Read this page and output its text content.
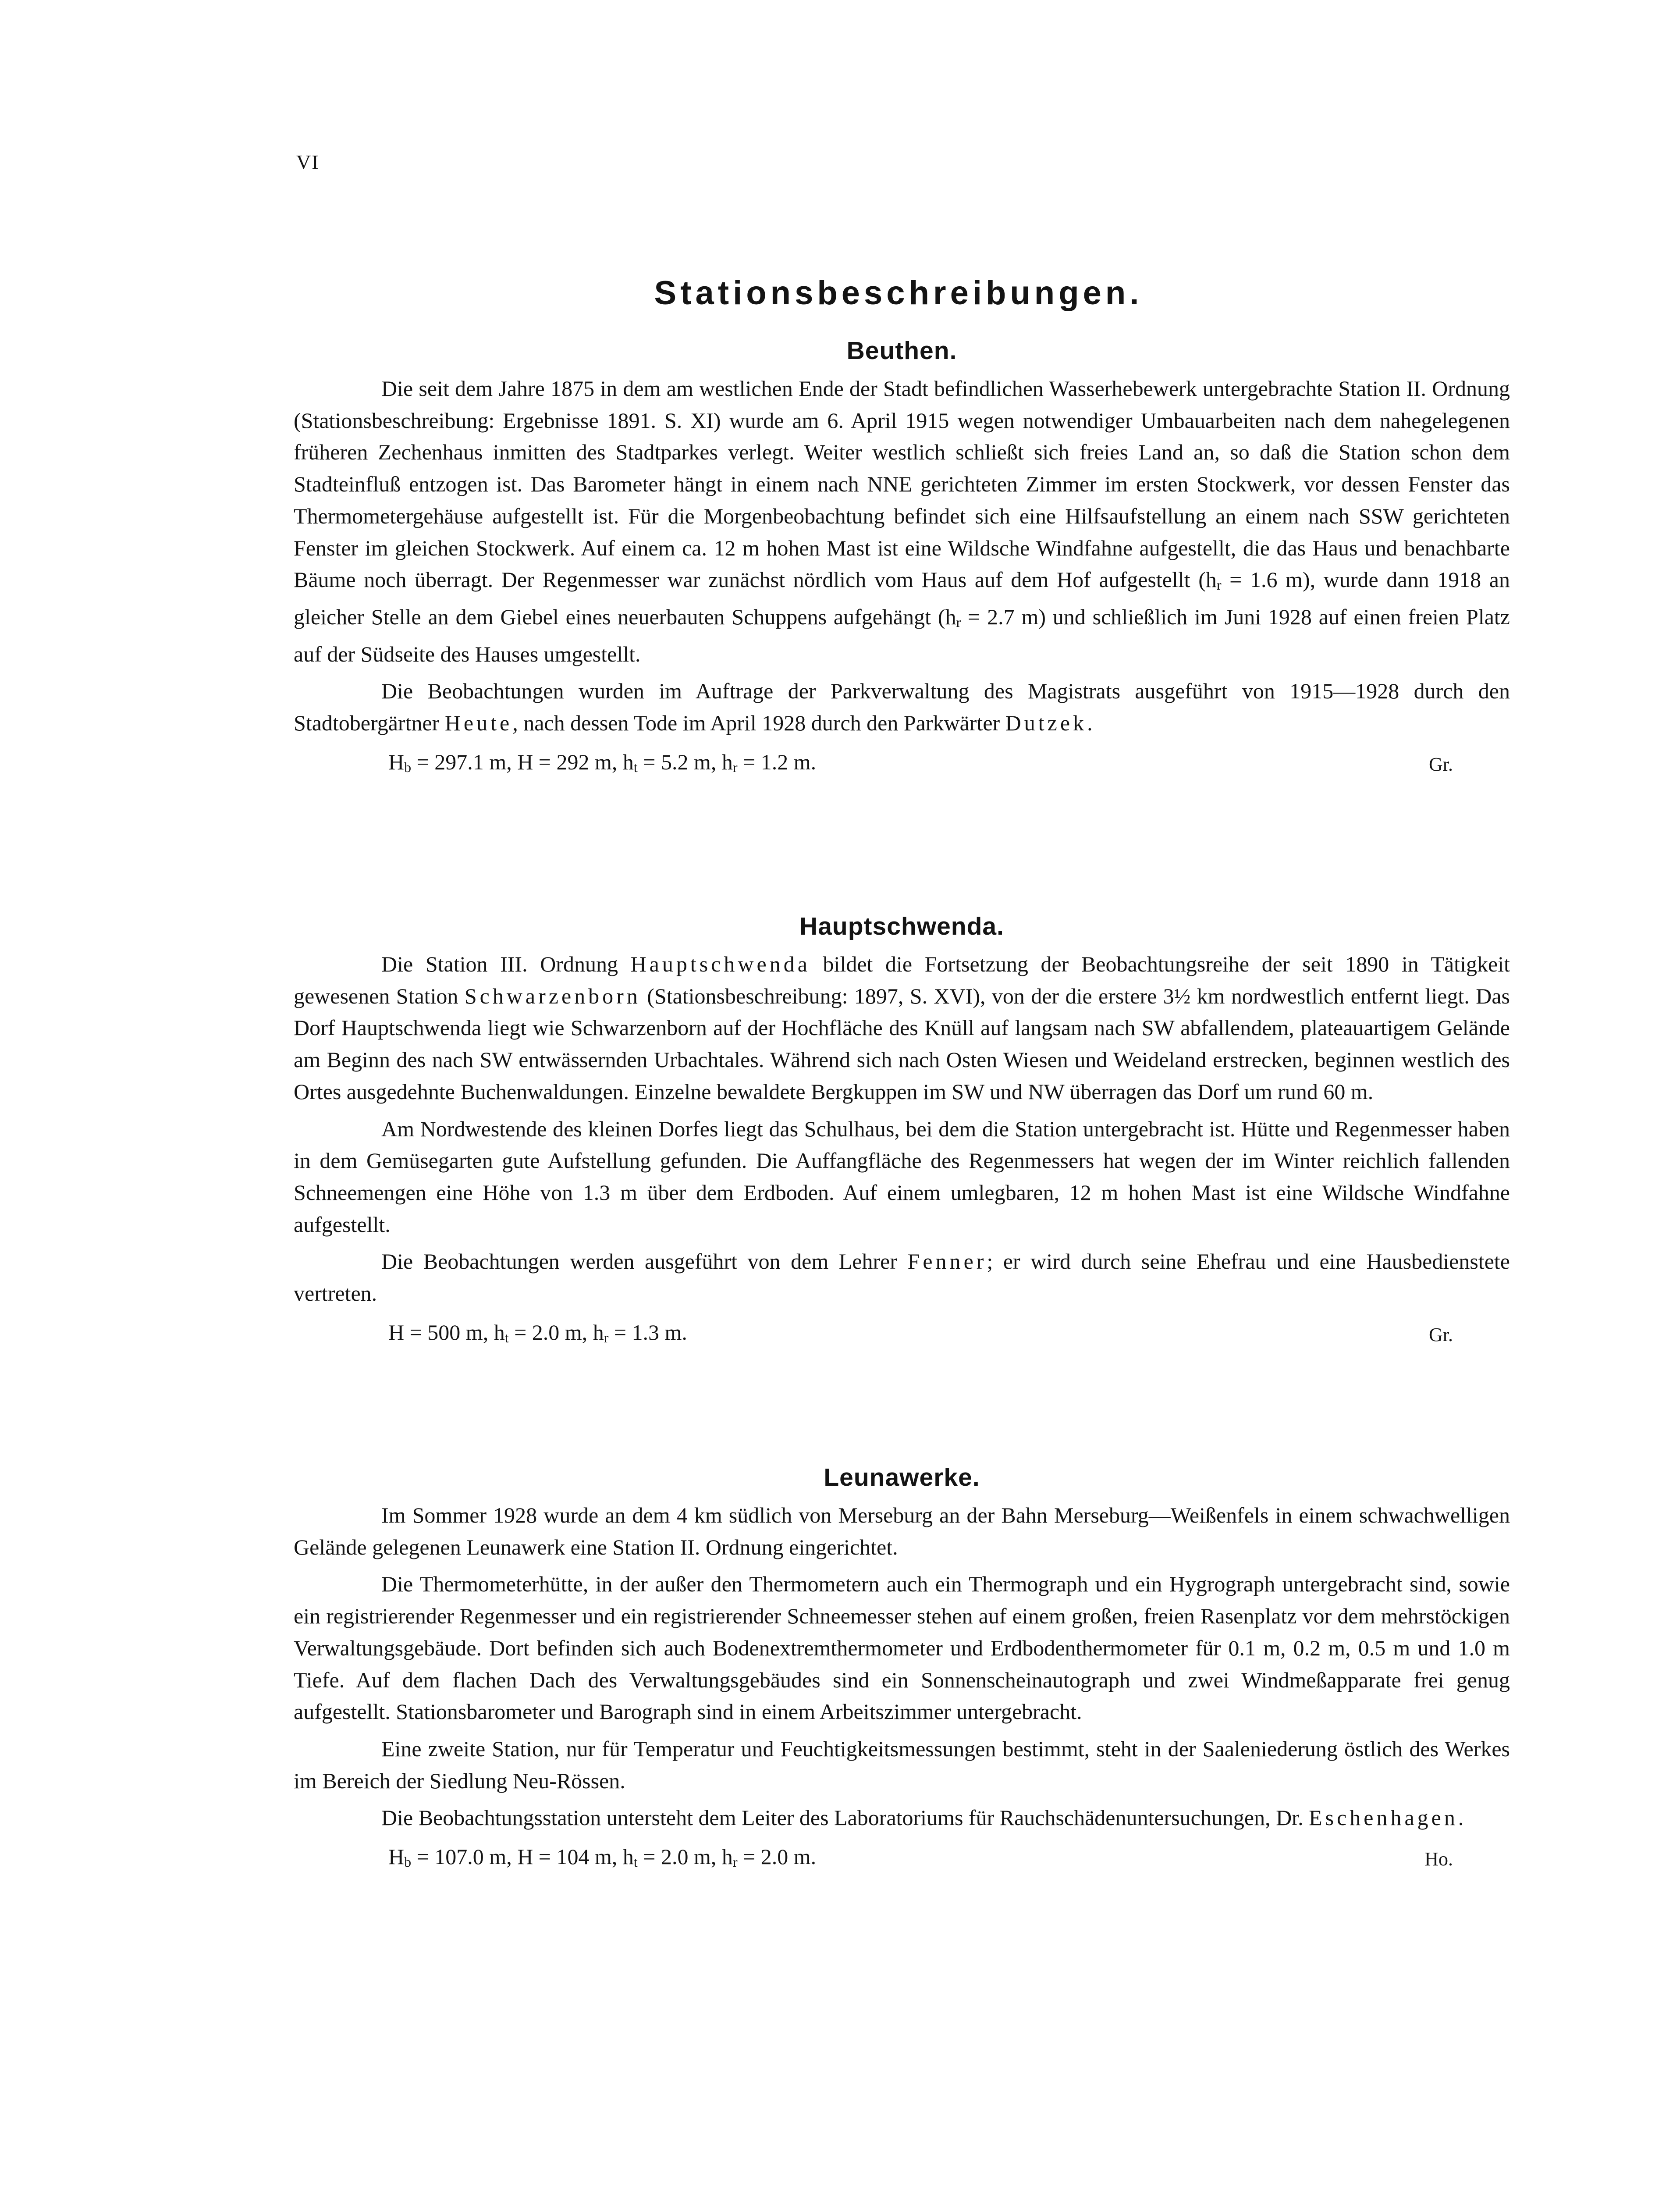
VI
Stationsbeschreibungen.
Beuthen.

Die seit dem Jahre 1875 in dem am westlichen Ende der Stadt befindlichen Wasserhebewerk untergebrachte Station II. Ordnung (Stationsbeschreibung: Ergebnisse 1891. S. XI) wurde am 6. April 1915 wegen notwendiger Umbauarbeiten nach dem nahegelegenen früheren Zechenhaus inmitten des Stadtparkes verlegt. Weiter westlich schließt sich freies Land an, so daß die Station schon dem Stadteinfluß entzogen ist. Das Barometer hängt in einem nach NNE gerichteten Zimmer im ersten Stockwerk, vor dessen Fenster das Thermometergehäuse aufgestellt ist. Für die Morgenbeobachtung befindet sich eine Hilfsaufstellung an einem nach SSW gerichteten Fenster im gleichen Stockwerk. Auf einem ca. 12 m hohen Mast ist eine Wildsche Windfahne aufgestellt, die das Haus und benachbarte Bäume noch überragt. Der Regenmesser war zunächst nördlich vom Haus auf dem Hof aufgestellt ($h_r = 1.6$ m), wurde dann 1918 an gleicher Stelle an dem Giebel eines neuerbauten Schuppens aufgehängt ($h_r = 2.7$ m) und schließlich im Juni 1928 auf einen freien Platz auf der Südseite des Hauses umgestellt.

Die Beobachtungen wurden im Auftrage der Parkverwaltung des Magistrats ausgeführt von 1915—1928 durch den Stadtobergärtner Heute, nach dessen Tode im April 1928 durch den Parkwärter Dutzek.

$H_b = 297.1$ m, H = 292 m, $h_t = 5.2$ m, $h_r = 1.2$ m.	Gr.
Hauptschwenda.

Die Station III. Ordnung Hauptschwenda bildet die Fortsetzung der Beobachtungsreihe der seit 1890 in Tätigkeit gewesenen Station Schwarzenborn (Stationsbeschreibung: 1897, S. XVI), von der die erstere 3½ km nordwestlich entfernt liegt. Das Dorf Hauptschwenda liegt wie Schwarzenborn auf der Hochfläche des Knüll auf langsam nach SW abfallendem, plateauartigem Gelände am Beginn des nach SW entwässernden Urbachtales. Während sich nach Osten Wiesen und Weideland erstrecken, beginnen westlich des Ortes ausgedehnte Buchenwaldungen. Einzelne bewaldete Bergkuppen im SW und NW überragen das Dorf um rund 60 m.

Am Nordwestende des kleinen Dorfes liegt das Schulhaus, bei dem die Station untergebracht ist. Hütte und Regenmesser haben in dem Gemüsegarten gute Aufstellung gefunden. Die Auffangfläche des Regenmessers hat wegen der im Winter reichlich fallenden Schneemengen eine Höhe von 1.3 m über dem Erdboden. Auf einem umlegbaren, 12 m hohen Mast ist eine Wildsche Windfahne aufgestellt.

Die Beobachtungen werden ausgeführt von dem Lehrer Fenner; er wird durch seine Ehefrau und eine Hausbedienstete vertreten.

H = 500 m, $h_t = 2.0$ m, $h_r = 1.3$ m.	Gr.
Leunawerke.

Im Sommer 1928 wurde an dem 4 km südlich von Merseburg an der Bahn Merseburg—Weißenfels in einem schwachwelligen Gelände gelegenen Leunawerk eine Station II. Ordnung eingerichtet.

Die Thermometerhütte, in der außer den Thermometern auch ein Thermograph und ein Hygrograph untergebracht sind, sowie ein registrierender Regenmesser und ein registrierender Schneemesser stehen auf einem großen, freien Rasenplatz vor dem mehrstöckigen Verwaltungsgebäude. Dort befinden sich auch Bodenextremthermometer und Erdbodenthermometer für 0.1 m, 0.2 m, 0.5 m und 1.0 m Tiefe. Auf dem flachen Dach des Verwaltungsgebäudes sind ein Sonnenscheinautograph und zwei Windmeßapparate frei genug aufgestellt. Stationsbarometer und Barograph sind in einem Arbeitszimmer untergebracht.

Eine zweite Station, nur für Temperatur und Feuchtigkeitsmessungen bestimmt, steht in der Saaleniederung östlich des Werkes im Bereich der Siedlung Neu-Rössen.

Die Beobachtungsstation untersteht dem Leiter des Laboratoriums für Rauchschädenuntersuchungen, Dr. Eschenhagen.

$H_b = 107.0$ m, H = 104 m, $h_t = 2.0$ m, $h_r = 2.0$ m.	Ho.
